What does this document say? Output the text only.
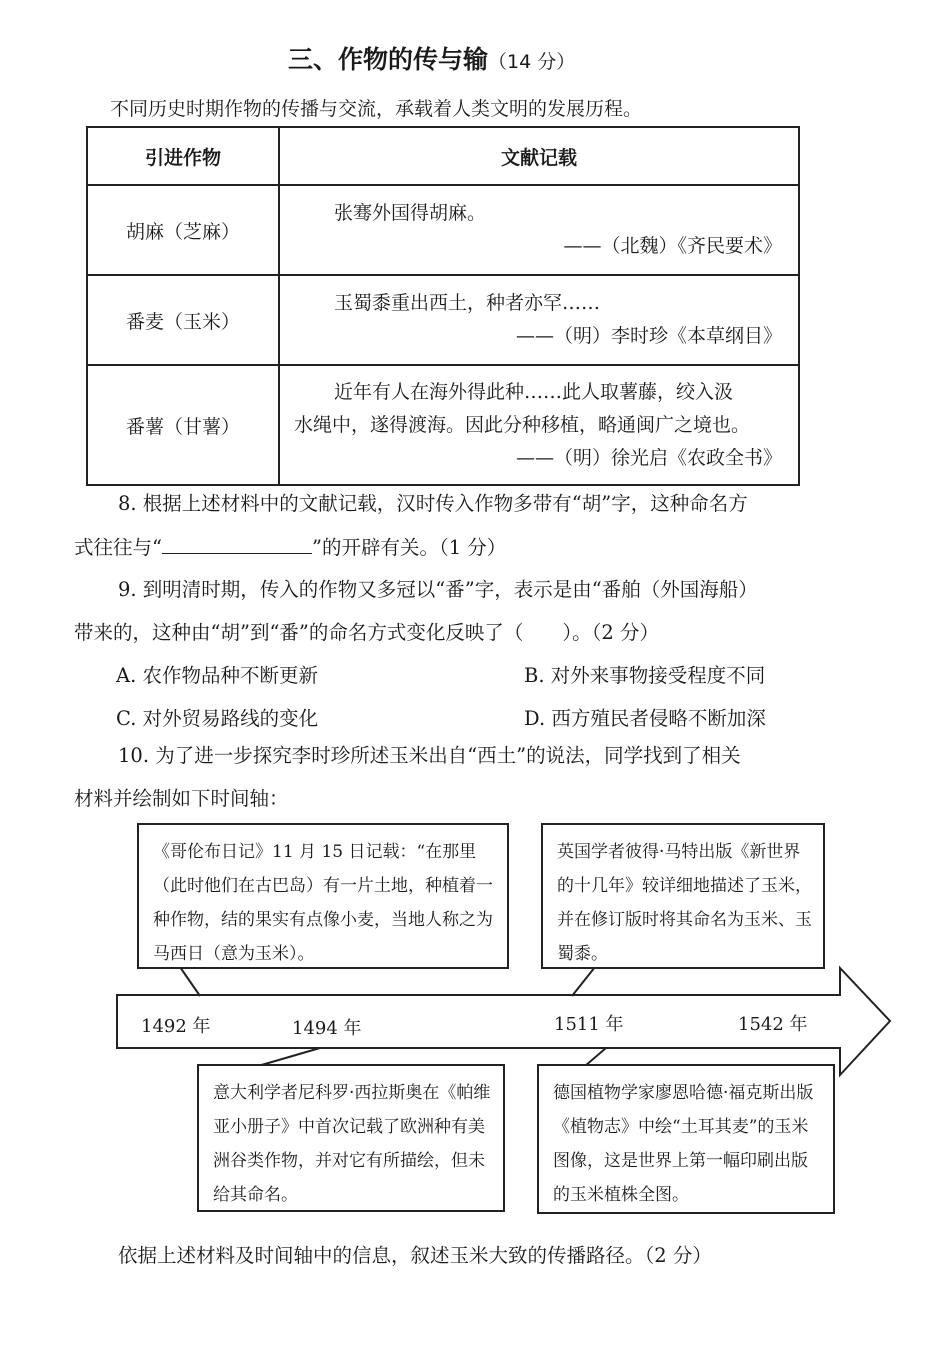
三、作物的传与输（14 分）
不同历史时期作物的传播与交流，承载着人类文明的发展历程。
引进作物	文献记载
胡麻（芝麻）	张骞外国得胡麻。
——（北魏）《齐民要术》

番麦（玉米）	玉蜀黍重出西土，种者亦罕……
——（明）李时珍《本草纲目》

番薯（甘薯）	近年有人在海外得此种……此人取薯藤，绞入汲
水绳中，遂得渡海。因此分种移植，略通闽广之境也。
——（明）徐光启《农政全书》
8. 根据上述材料中的文献记载，汉时传入作物多带有“胡”字，这种命名方
式往往与“	”的开辟有关。（1 分）
9. 到明清时期，传入的作物又多冠以“番”字，表示是由“番舶（外国海船）
带来的，这种由“胡”到“番”的命名方式变化反映了（　　）。（2 分）
A. 农作物品种不断更新	B. 对外来事物接受程度不同
C. 对外贸易路线的变化	D. 西方殖民者侵略不断加深
10. 为了进一步探究李时珍所述玉米出自“西土”的说法，同学找到了相关
材料并绘制如下时间轴：

《哥伦布日记》11 月 15 日记载：“在那里（此时他们在古巴岛）有一片土地，种植着一种作物，结的果实有点像小麦，当地人称之为马西日（意为玉米）。

英国学者彼得·马特出版《新世界的十几年》较详细地描述了玉米，并在修订版时将其命名为玉米、玉蜀黍。

1492 年	1494 年	1511 年	1542 年

意大利学者尼科罗·西拉斯奥在《帕维亚小册子》中首次记载了欧洲种有美洲谷类作物，并对它有所描绘，但未给其命名。

德国植物学家廖恩哈德·福克斯出版《植物志》中绘“土耳其麦”的玉米图像，这是世界上第一幅印刷出版的玉米植株全图。

依据上述材料及时间轴中的信息，叙述玉米大致的传播路径。（2 分）
